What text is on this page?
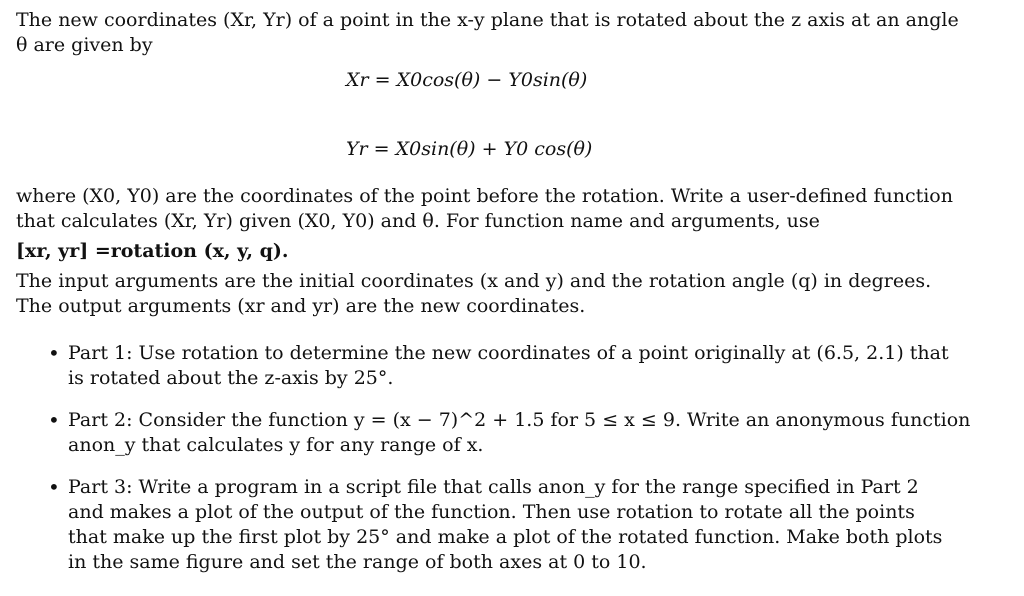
The new coordinates (Xr, Yr) of a point in the x-y plane that is rotated about the z axis at an angle
θ are given by
Xr = X0cos(θ) − Y0sin(θ)
Yr = X0sin(θ) + Y0 cos(θ)
where (X0, Y0) are the coordinates of the point before the rotation. Write a user-defined function
that calculates (Xr, Yr) given (X0, Y0) and θ. For function name and arguments, use
[xr, yr] =rotation (x, y, q).
The input arguments are the initial coordinates (x and y) and the rotation angle (q) in degrees.
The output arguments (xr and yr) are the new coordinates.
• Part 1: Use rotation to determine the new coordinates of a point originally at (6.5, 2.1) that
is rotated about the z-axis by 25°.
• Part 2: Consider the function y = (x − 7)^2 + 1.5 for 5 ≤ x ≤ 9. Write an anonymous function
anon_y that calculates y for any range of x.
• Part 3: Write a program in a script file that calls anon_y for the range specified in Part 2
and makes a plot of the output of the function. Then use rotation to rotate all the points
that make up the first plot by 25° and make a plot of the rotated function. Make both plots
in the same figure and set the range of both axes at 0 to 10.
